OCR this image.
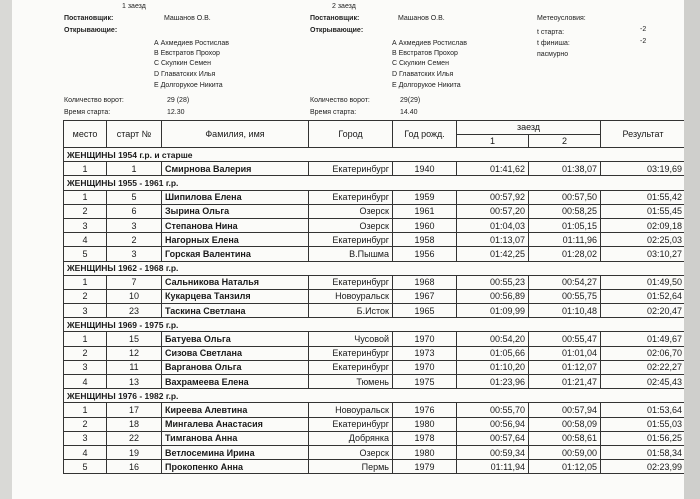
1 заезд
Постановщик:	Машанов О.В.
Открывающие:
А Ахмедиев Ростислав
В Евстратов Прохор
С Скулкин Семен
D Главатских Илья
Е Долгорукое Никита
Количество ворот:	29 (28)
Время старта:	12.30
2 заезд
Постановщик:	Машанов О.В.
Открывающие:
А Ахмедиев Ростислав
В Евстратов Прохор
С Скулкин Семен
D Главатских Илья
Е Долгорукое Никита
Количество ворот:	29(29)
Время старта:	14.40
Метеоусловия:
t старта:	-2
t финиша:	-2
пасмурно
место	старт №	Фамилия, имя	Город	Год рожд.	заезд		Результат
					1	2	
ЖЕНЩИНЫ 1954 г.р. и старше							
1	1	Смирнова Валерия	Екатеринбург	1940	01:41,62	01:38,07	03:19,69
ЖЕНЩИНЫ 1955 - 1961 г.р.							
1	5	Шипилова Елена	Екатеринбург	1959	00:57,92	00:57,50	01:55,42
2	6	Зырина Ольга	Озерск	1961	00:57,20	00:58,25	01:55,45
3	3	Степанова Нина	Озерск	1960	01:04,03	01:05,15	02:09,18
4	2	Нагорных Елена	Екатеринбург	1958	01:13,07	01:11,96	02:25,03
5	3	Горская Валентина	В.Пышма	1956	01:42,25	01:28,02	03:10,27
ЖЕНЩИНЫ 1962 - 1968 г.р.							
1	7	Сальникова Наталья	Екатеринбург	1968	00:55,23	00:54,27	01:49,50
2	10	Кукарцева Танзиля	Новоуральск	1967	00:56,89	00:55,75	01:52,64
3	23	Таскина Светлана	Б.Исток	1965	01:09,99	01:10,48	02:20,47
ЖЕНЩИНЫ 1969 - 1975 г.р.							
1	15	Батуева Ольга	Чусовой	1970	00:54,20	00:55,47	01:49,67
2	12	Сизова Светлана	Екатеринбург	1973	01:05,66	01:01,04	02:06,70
3	11	Варганова Ольга	Екатеринбург	1970	01:10,20	01:12,07	02:22,27
4	13	Вахрамеева Елена	Тюмень	1975	01:23,96	01:21,47	02:45,43
ЖЕНЩИНЫ 1976 - 1982 г.р.							
1	17	Киреева Алевтина	Новоуральск	1976	00:55,70	00:57,94	01:53,64
2	18	Мингалева Анастасия	Екатеринбург	1980	00:56,94	00:58,09	01:55,03
3	22	Тимганова Анна	Добрянка	1978	00:57,64	00:58,61	01:56,25
4	19	Ветлосемина Ирина	Озерск	1980	00:59,34	00:59,00	01:58,34
5	16	Прокопенко Анна	Пермь	1979	01:11,94	01:12,05	02:23,99
